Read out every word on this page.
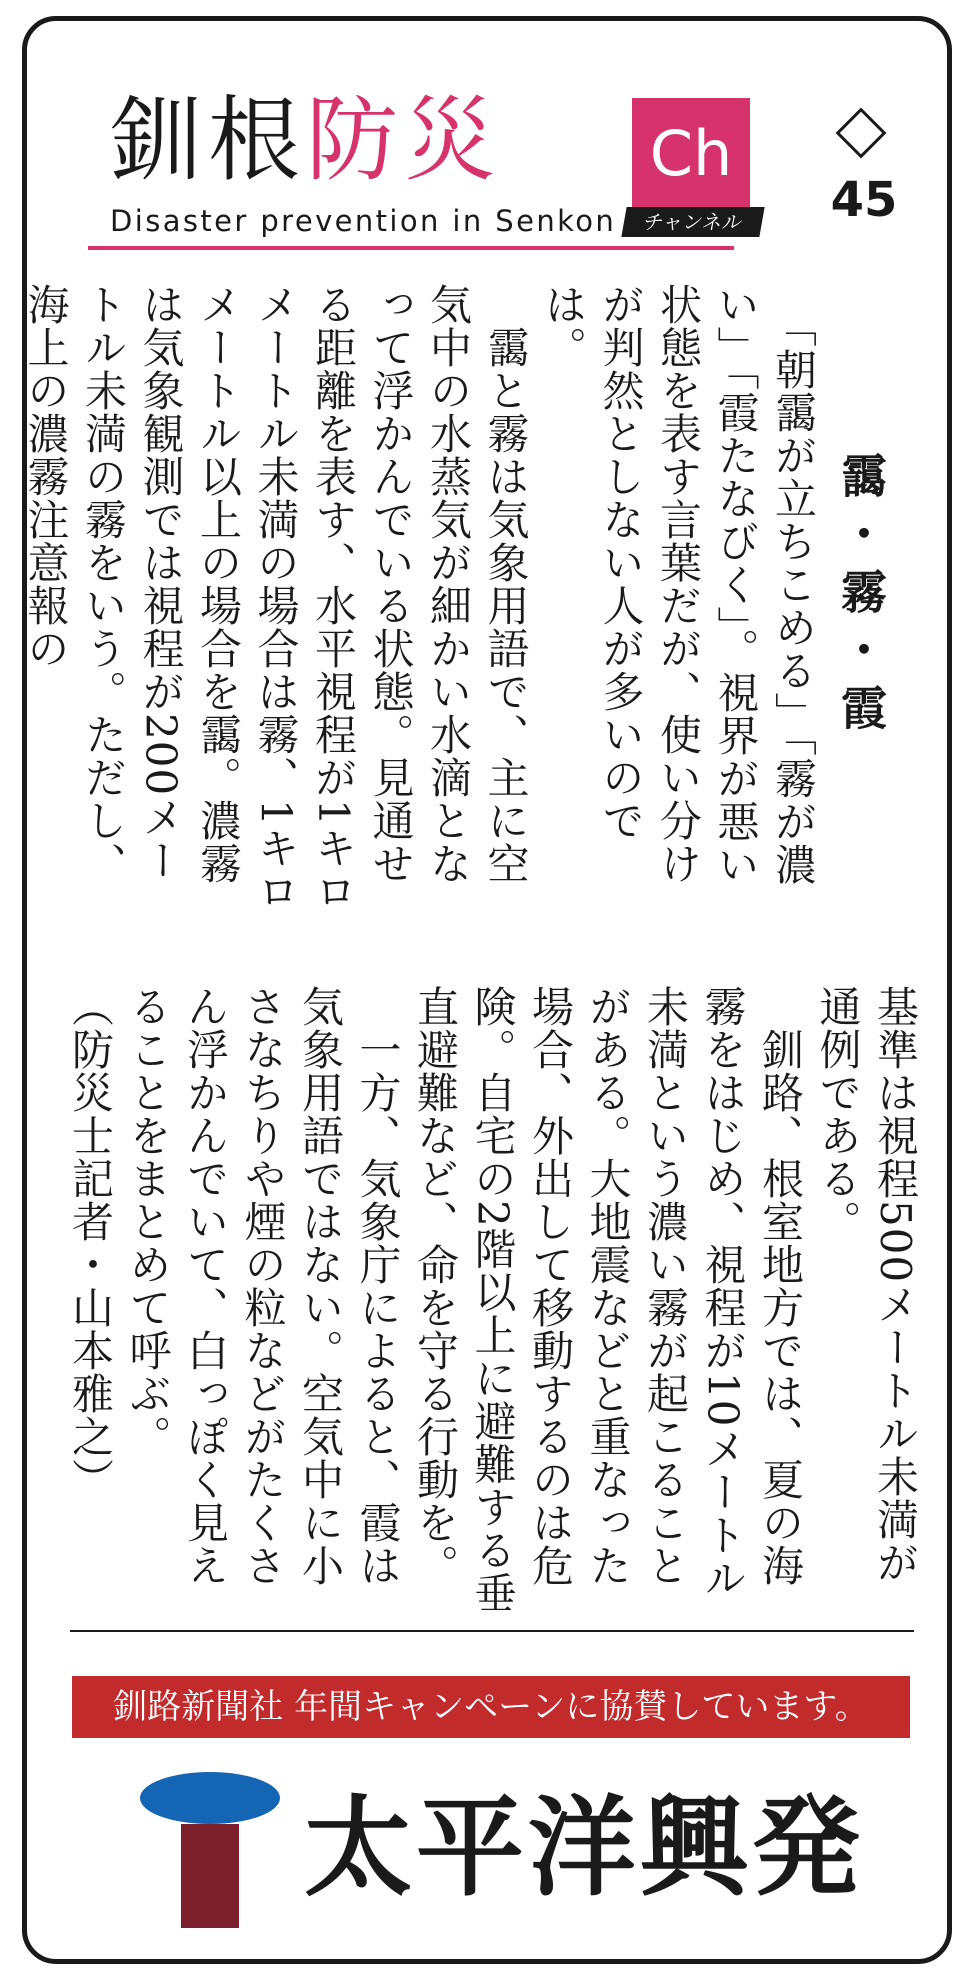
釧根防災 Ch
チャンネル
Disaster prevention in Senkon	45
靄・霧・霞
　「朝靄が立ちこめる」「霧が濃い」「霞たなびく」。視界が悪い状態を表す言葉だが、使い分けが判然としない人が多いのでは。
　靄と霧は気象用語で、主に空気中の水蒸気が細かい水滴となって浮かんでいる状態。見通せる距離を表す、水平視程が1キロメートル未満の場合は霧、1キロメートル以上の場合を靄。濃霧は気象観測では視程が200メートル未満の霧をいう。ただし、海上の濃霧注意報の
基準は視程500メートル未満が通例である。
　釧路、根室地方では、夏の海霧をはじめ、視程が10メートル未満という濃い霧が起こることがある。大地震などと重なった場合、外出して移動するのは危険。自宅の2階以上に避難する垂直避難など、命を守る行動を。
　一方、気象庁によると、霞は気象用語ではない。空気中に小さなちりや煙の粒などがたくさん浮かんでいて、白っぽく見えることをまとめて呼ぶ。
（防災士記者・山本雅之）
釧路新聞社 年間キャンペーンに協賛しています。
太平洋興発
